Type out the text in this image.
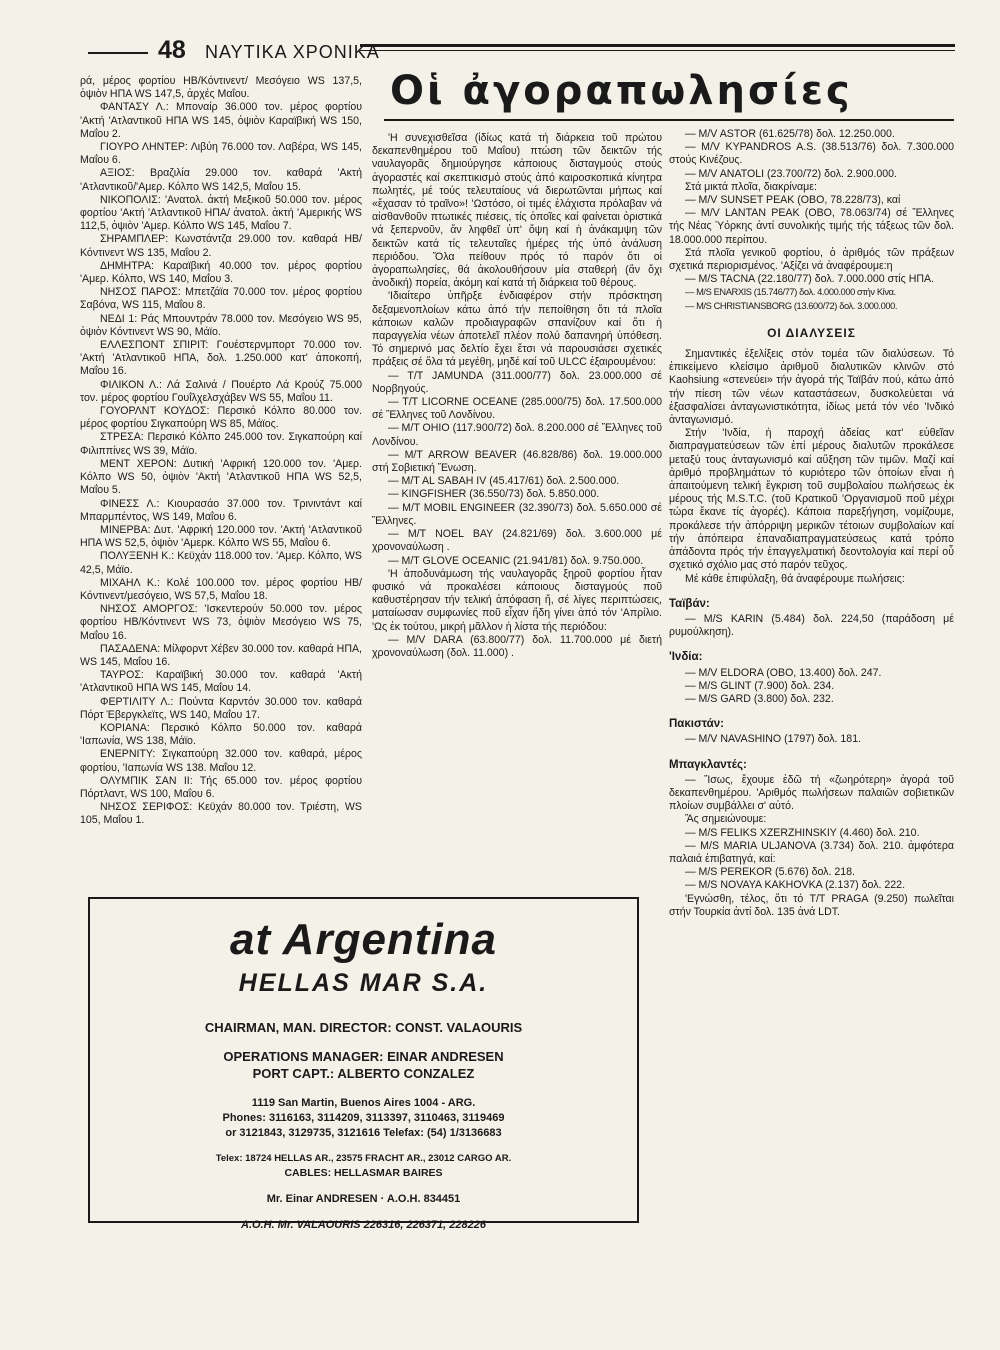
48 ΝΑΥΤΙΚΑ ΧΡΟΝΙΚΑ
Οἱ ἀγοραπωλησίες

ρά, μέρος φορτίου ΗΒ/Κόντινεντ/ Μεσόγειο WS 137,5, ὀψιὸν ΗΠΑ WS 147,5, ἀρχές Μαΐου.

ΦΑΝΤΑΣΥ Λ.: Μποναίρ 36.000 τον. μέρος φορτίου 'Ακτή 'Ατλαντικοῦ ΗΠΑ WS 145, ὀψιὸν Καραϊβική WS 150, Μαΐου 2.

ΓΙΟΥΡΟ ΛΗΝΤΕΡ: Λιβύη 76.000 τον. Λαβέρα, WS 145, Μαΐου 6.

ΑΞΙΟΣ: Βραζιλία 29.000 τον. καθαρά 'Ακτή 'Ατλαντικοῦ/'Αμερ. Κόλπο WS 142,5, Μαΐου 15.

ΝΙΚΟΠΟΛΙΣ: 'Ανατολ. ἀκτή Μεξικοῦ 50.000 τον. μέρος φορτίου 'Ακτή 'Ατλαντικοῦ ΗΠΑ/ ἀνατολ. ἀκτή 'Αμερικής WS 112,5, ὀψιὸν 'Αμερ. Κόλπο WS 145, Μαΐου 7.

ΣΗΡΑΜΠΛΕΡ: Κωνστάντζα 29.000 τον. καθαρά ΗΒ/ Κόντινεντ WS 135, Μαΐου 2.

ΔΗΜΗΤΡΑ: Καραϊβική 40.000 τον. μέρος φορτίου 'Αμερ. Κόλπο, WS 140, Μαΐου 3.

ΝΗΣΟΣ ΠΑΡΟΣ: Μπετζάϊα 70.000 τον. μέρος φορτίου Σαβόνα, WS 115, Μαΐου 8.

ΝΕΔΙ 1: Ράς Μπουντράν 78.000 τον. Μεσόγειο WS 95, ὀψιὸν Κόντινεντ WS 90, Μάϊο.

ΕΛΛΕΣΠΟΝΤ ΣΠΙΡΙΤ: Γουέστερνμπορτ 70.000 τον. 'Ακτή 'Ατλαντικοῦ ΗΠΑ, δολ. 1.250.000 κατ' ἀποκοπή, Μαΐου 16.

ΦΙΛΙΚΟΝ Λ.: Λά Σαλινά / Πουέρτο Λά Κρούζ 75.000 τον. μέρος φορτίου Γουΐλχελσχάβεν WS 55, Μαΐου 11.

ΓΟΥΟΡΛΝΤ ΚΟΥΔΟΣ: Περσικό Κόλπο 80.000 τον. μέρος φορτίου Σιγκαπούρη WS 85, Μάϊος.

ΣΤΡΕΣΑ: Περσικό Κόλπο 245.000 τον. Σιγκαπούρη καί Φιλιππίνες WS 39, Μάϊο.

ΜΕΝΤ ΧΕΡΟΝ: Δυτική 'Αφρική 120.000 τον. 'Αμερ. Κόλπο WS 50, ὀψιὸν 'Ακτή 'Ατλαντικοῦ ΗΠΑ WS 52,5, Μαΐου 5.

ΦΙΝΕΣΣ Λ.: Κιουρασάο 37.000 τον. Τρινιντάντ καί Μπαρμπέντος, WS 149, Μαΐου 6.

ΜΙΝΕΡΒΑ: Δυτ. 'Αφρική 120.000 τον. 'Ακτή 'Ατλαντικοῦ ΗΠΑ WS 52,5, ὀψιὸν 'Αμερκ. Κόλπο WS 55, Μαΐου 6.

ΠΟΛΥΞΕΝΗ Κ.: Κεϋχάν 118.000 τον. 'Αμερ. Κόλπο, WS 42,5, Μάϊο.

ΜΙΧΑΗΛ Κ.: Κολέ 100.000 τον. μέρος φορτίου ΗΒ/Κόντινεντ/μεσόγειο, WS 57,5, Μαΐου 18.

ΝΗΣΟΣ ΑΜΟΡΓΟΣ: 'Ισκεντερούν 50.000 τον. μέρος φορτίου ΗΒ/Κόντινεντ WS 73, ὀψιὸν Μεσόγειο WS 75, Μαΐου 16.

ΠΑΣΑΔΕΝΑ: Μίλφορντ Χέβεν 30.000 τον. καθαρά ΗΠΑ, WS 145, Μαΐου 16.

ΤΑΥΡΟΣ: Καραϊβική 30.000 τον. καθαρά 'Ακτή 'Ατλαντικοῦ ΗΠΑ WS 145, Μαΐου 14.

ΦΕΡΤΙΛΙΤΥ Λ.: Πούντα Καρντόν 30.000 τον. καθαρά Πόρτ Έβεργκλεϊτς, WS 140, Μαΐου 17.

ΚΟΡΙΑΝΑ: Περσικό Κόλπο 50.000 τον. καθαρά 'Ιαπωνία, WS 138, Μάϊο.

ΕΝΕΡΝΙΤΥ: Σιγκαπούρη 32.000 τον. καθαρά, μέρος φορτίου, 'Ιαπωνία WS 138. Μαΐου 12.

ΟΛΥΜΠΙΚ ΣΑΝ ΙΙ: Τής 65.000 τον. μέρος φορτίου Πόρτλαντ, WS 100, Μαΐου 6.

ΝΗΣΟΣ ΣΕΡΙΦΟΣ: Κεϋχάν 80.000 τον. Τριέστη, WS 105, Μαΐου 1.

'Η συνεχισθεῖσα (ἰδίως κατά τή διάρκεια τοῦ πρώτου δεκαπενθημέρου τοῦ Μαΐου) πτώση τῶν δεικτῶν τής ναυλαγορᾶς δημιούργησε κάποιους δισταγμούς στούς ἀγοραστές καί σκεπτικισμό στούς ἀπό καιροσκοπικά κίνητρα πωλητές, μέ τούς τελευταίους νά διερωτῶνται μήπως καί «ἔχασαν τό τραῖνο»! 'Ωστόσο, οἱ τιμές ἐλάχιστα πρόλαβαν νά αἰσθανθοῦν πτωτικές πιέσεις, τίς ὁποῖες καί φαίνεται ὁριστικά νά ξεπερνοῦν, ἄν ληφθεῖ ὑπ' ὄψη καί ἡ ἀνάκαμψη τῶν δεικτῶν κατά τίς τελευταῖες ἡμέρες τής ὑπό ἀνάλυση περιόδου. Ὅλα πείθουν πρός τό παρόν ὅτι οἱ ἀγοραπωλησίες, θά ἀκολουθήσουν μία σταθερή (ἄν ὄχι ἀνοδική) πορεία, ἀκόμη καί κατά τή διάρκεια τοῦ θέρους.

'Ιδιαίτερο ὑπῆρξε ἐνδιαφέρον στήν πρόσκτηση δεξαμενοπλοίων κάτω ἀπό τήν πεποίθηση ὅτι τά πλοῖα κάποιων καλῶν προδιαγραφῶν σπανίζουν καί ὅτι ἡ παραγγελία νέων ἀποτελεῖ πλέον πολύ δαπανηρή ὑπόθεση. Τό σημερινό μας δελτίο ἔχει ἔτσι νά παρουσιάσει σχετικές πράξεις σέ ὅλα τά μεγέθη, μηδέ καί τοῦ ULCC ἐξαιρουμένου:

— T/T JAMUNDA (311.000/77) δολ. 23.000.000 σέ Νορβηγούς.

— T/T LICORNE OCEANE (285.000/75) δολ. 17.500.000 σέ Ἕλληνες τοῦ Λονδίνου.

— M/T OHIO (117.900/72) δολ. 8.200.000 σέ Ἕλληνες τοῦ Λονδίνου.

— M/T ARROW BEAVER (46.828/86) δολ. 19.000.000 στή Σοβιετική Ἕνωση.

— M/T AL SABAH IV (45.417/61) δολ. 2.500.000.

— KINGFISHER (36.550/73) δολ. 5.850.000.

— M/T MOBIL ENGINEER (32.390/73) δολ. 5.650.000 σέ Ἕλληνες.

— M/T NOEL BAY (24.821/69) δολ. 3.600.000 μέ χρονοναύλωση .

— M/T GLOVE OCEANIC (21.941/81) δολ. 9.750.000.

'Η ἀποδυνάμωση τής ναυλαγορᾶς ξηροῦ φορτίου ἦταν φυσικό νά προκαλέσει κάποιους δισταγμούς ποῦ καθυστέρησαν τήν τελική ἀπόφαση ἤ, σέ λίγες περιπτώσεις, ματαίωσαν συμφωνίες ποῦ εἶχαν ἤδη γίνει ἀπό τόν 'Απρίλιο. 'Ως ἐκ τούτου, μικρή μᾶλλον ἡ λίστα τής περιόδου:

— M/V DARA (63.800/77) δολ. 11.700.000 μέ διετή χρονοναύλωση (δολ. 11.000) .

— M/V ASTOR (61.625/78) δολ. 12.250.000.

— M/V KYPANDROS A.S. (38.513/76) δολ. 7.300.000 στούς Κινέζους.

— M/V ANATOLI (23.700/72) δολ. 2.900.000.

Στά μικτά πλοῖα, διακρίναμε:

— M/V SUNSET PEAK (OBO, 78.228/73), καί

— M/V LANTAN PEAK (OBO, 78.063/74) σέ Ἕλληνες τής Νέας Ὑόρκης ἀντί συνολικής τιμής τής τάξεως τῶν δολ. 18.000.000 περίπου.

Στά πλοῖα γενικοῦ φορτίου, ὁ ἀριθμός τῶν πράξεων σχετικά περιορισμένος. 'Αξίζει νά ἀναφέρουμε:η

— M/S TACNA (22.180/77) δολ. 7.000.000 στίς ΗΠΑ.

— M/S ENARXIS (15.746/77) δολ. 4.000.000 στήν Κίνα.

— M/S CHRISTIANSBORG (13.600/72) δολ. 3.000.000.

ΟΙ ΔΙΑΛΥΣΕΙΣ

Σημαντικές ἐξελίξεις στόν τομέα τῶν διαλύσεων. Τό ἐπικείμενο κλείσιμο ἀριθμοῦ διαλυτικῶν κλινῶν στό Kaohsiung «στενεύει» τήν ἀγορά τής Ταϊβάν πού, κάτω ἀπό τήν πίεση τῶν νέων καταστάσεων, δυσκολεύεται νά ἐξασφαλίσει ἀνταγωνιστικότητα, ἰδίως μετά τόν νέο 'Ινδικό ἀνταγωνισμό.

Στήν 'Ινδία, ἡ παροχή ἀδείας κατ' εὐθεῖαν διαπραγματεύσεων τῶν ἐπί μέρους διαλυτῶν προκάλεσε μεταξύ τους ἀνταγωνισμό καί αὔξηση τῶν τιμῶν. Μαζί καί ἀριθμό προβλημάτων τό κυριότερο τῶν ὁποίων εἶναι ἡ ἀπαιτούμενη τελική ἔγκριση τοῦ συμβολαίου πωλήσεως ἐκ μέρους τής M.S.T.C. (τοῦ Κρατικοῦ 'Οργανισμοῦ ποῦ μέχρι τώρα ἔκανε τίς ἀγορές). Κάποια παρεξήγηση, νομίζουμε, προκάλεσε τήν ἀπόρριψη μερικῶν τέτοιων συμβολαίων καί τήν ἀπόπειρα ἐπαναδιαπραγματεύσεως κατά τρόπο ἀπάδοντα πρός τήν ἐπαγγελματική δεοντολογία καί περί οὗ σχετικό σχόλιο μας στό παρόν τεῦχος.

Μέ κάθε ἐπιφύλαξη, θά ἀναφέρουμε πωλήσεις:

Ταϊβάν:

— M/S KARIN (5.484) δολ. 224,50 (παράδοση μέ ρυμούλκηση).

'Ινδία:

— M/V ELDORA (OBO, 13.400) δολ. 247.

— M/S GLINT (7.900) δολ. 234.

— M/S GARD (3.800) δολ. 232.

Πακιστάν:

— M/V NAVASHINO (1797) δολ. 181.

Μπαγκλαντές:

— Ἴσως, ἔχουμε ἐδῶ τή «ζωηρότερη» ἀγορά τοῦ δεκαπενθημέρου. 'Αριθμός πωλήσεων παλαιῶν σοβιετικῶν πλοίων συμβάλλει σ' αὐτό.

Ἄς σημειώνουμε:

— M/S FELIKS XZERZHINSKIY (4.460) δολ. 210.

— M/S MARIA ULJANOVA (3.734) δολ. 210. ἀμφότερα παλαιά ἐπιβατηγά, καί:

— M/S PEREKOR (5.676) δολ. 218.

— M/S NOVAYA KAKHOVKA (2.137) δολ. 222.

'Εγνώσθη, τέλος, ὅτι τό T/T PRAGA (9.250) πωλεῖται στήν Τουρκία ἀντί δολ. 135 ἀνά LDT.

at Argentina
HELLAS MAR S.A.
CHAIRMAN, MAN. DIRECTOR: CONST. VALAOURIS
OPERATIONS MANAGER: EINAR ANDRESEN
PORT CAPT.: ALBERTO CONZALEZ
1119 San Martin, Buenos Aires 1004 - ARG.
Phones: 3116163, 3114209, 3113397, 3110463, 3119469
or 3121843, 3129735, 3121616 Telefax: (54) 1/3136683
Telex: 18724 HELLAS AR., 23575 FRACHT AR., 23012 CARGO AR.
CABLES: HELLASMAR BAIRES
Mr. Einar ANDRESEN · A.O.H. 834451
A.O.H. Mr. VALAOURIS 226316, 226371, 228226
